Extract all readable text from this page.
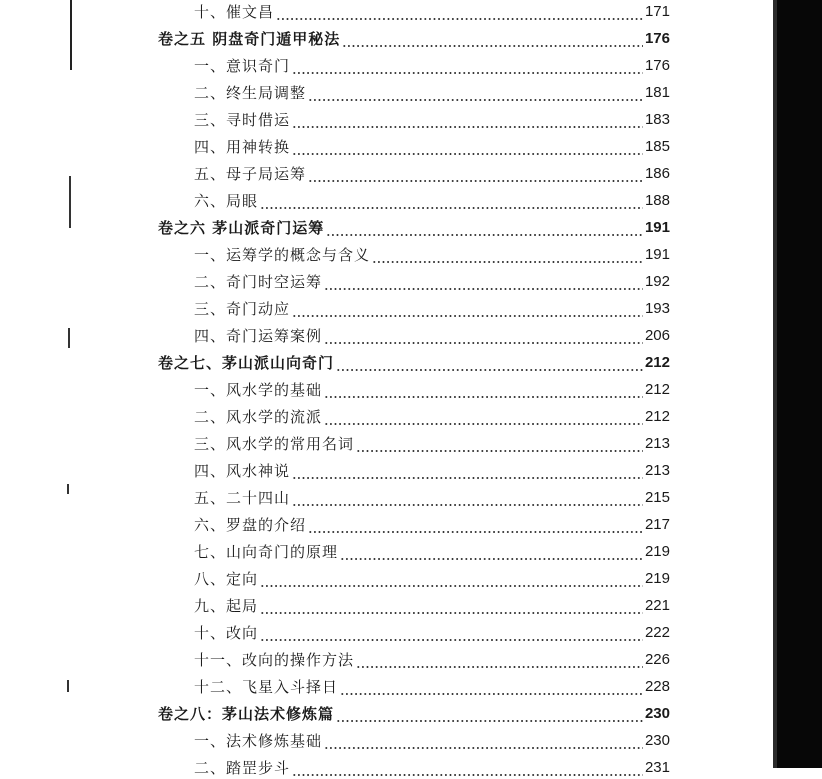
十、催文昌	171
卷之五 阴盘奇门遁甲秘法	176
一、意识奇门	176
二、终生局调整	181
三、寻时借运	183
四、用神转换	185
五、母子局运筹	186
六、局眼	188
卷之六 茅山派奇门运筹	191
一、运筹学的概念与含义	191
二、奇门时空运筹	192
三、奇门动应	193
四、奇门运筹案例	206
卷之七、茅山派山向奇门	212
一、风水学的基础	212
二、风水学的流派	212
三、风水学的常用名词	213
四、风水神说	213
五、二十四山	215
六、罗盘的介绍	217
七、山向奇门的原理	219
八、定向	219
九、起局	221
十、改向	222
十一、改向的操作方法	226
十二、飞星入斗择日	228
卷之八：茅山法术修炼篇	230
一、法术修炼基础	230
二、踏罡步斗	231
